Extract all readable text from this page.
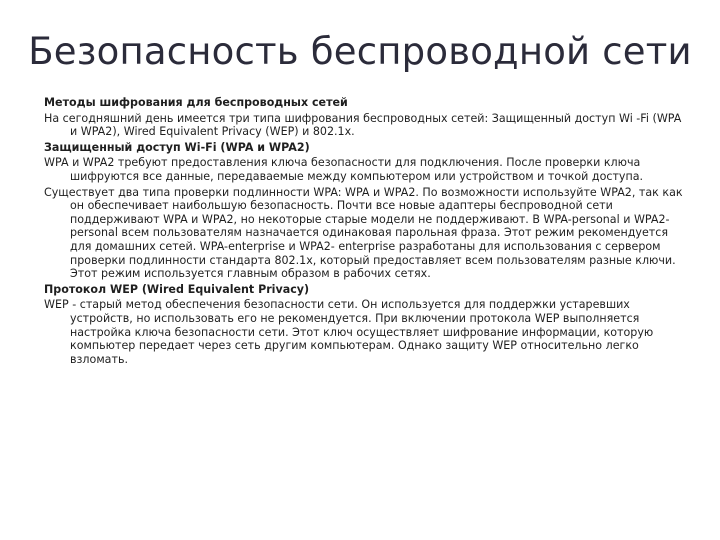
Безопасность беспроводной сети

Методы шифрования для беспроводных сетей

На сегодняшний день имеется три типа шифрования беспроводных сетей: Защищенный доступ Wi -Fi (WPA и WPA2), Wired Equivalent Privacy (WEP) и 802.1x.

Защищенный доступ Wi-Fi (WPA и WPA2)

WPA и WPA2 требуют предоставления ключа безопасности для подключения. После проверки ключа шифруются все данные, передаваемые между компьютером или устройством и точкой доступа.

Существует два типа проверки подлинности WPA: WPA и WPA2. По возможности используйте WPA2, так как он обеспечивает наибольшую безопасность. Почти все новые адаптеры беспроводной сети поддерживают WPA и WPA2, но некоторые старые модели не поддерживают. В WPA-personal и WPA2- personal всем пользователям назначается одинаковая парольная фраза. Этот режим рекомендуется для домашних сетей. WPA-enterprise и WPA2- enterprise разработаны для использования с сервером проверки подлинности стандарта 802.1x, который предоставляет всем пользователям разные ключи. Этот режим используется главным образом в рабочих сетях.

Протокол WEP (Wired Equivalent Privacy)

WEP - старый метод обеспечения безопасности сети. Он используется для поддержки устаревших устройств, но использовать его не рекомендуется. При включении протокола WEP выполняется настройка ключа безопасности сети. Этот ключ осуществляет шифрование информации, которую компьютер передает через сеть другим компьютерам. Однако защиту WEP относительно легко взломать.
